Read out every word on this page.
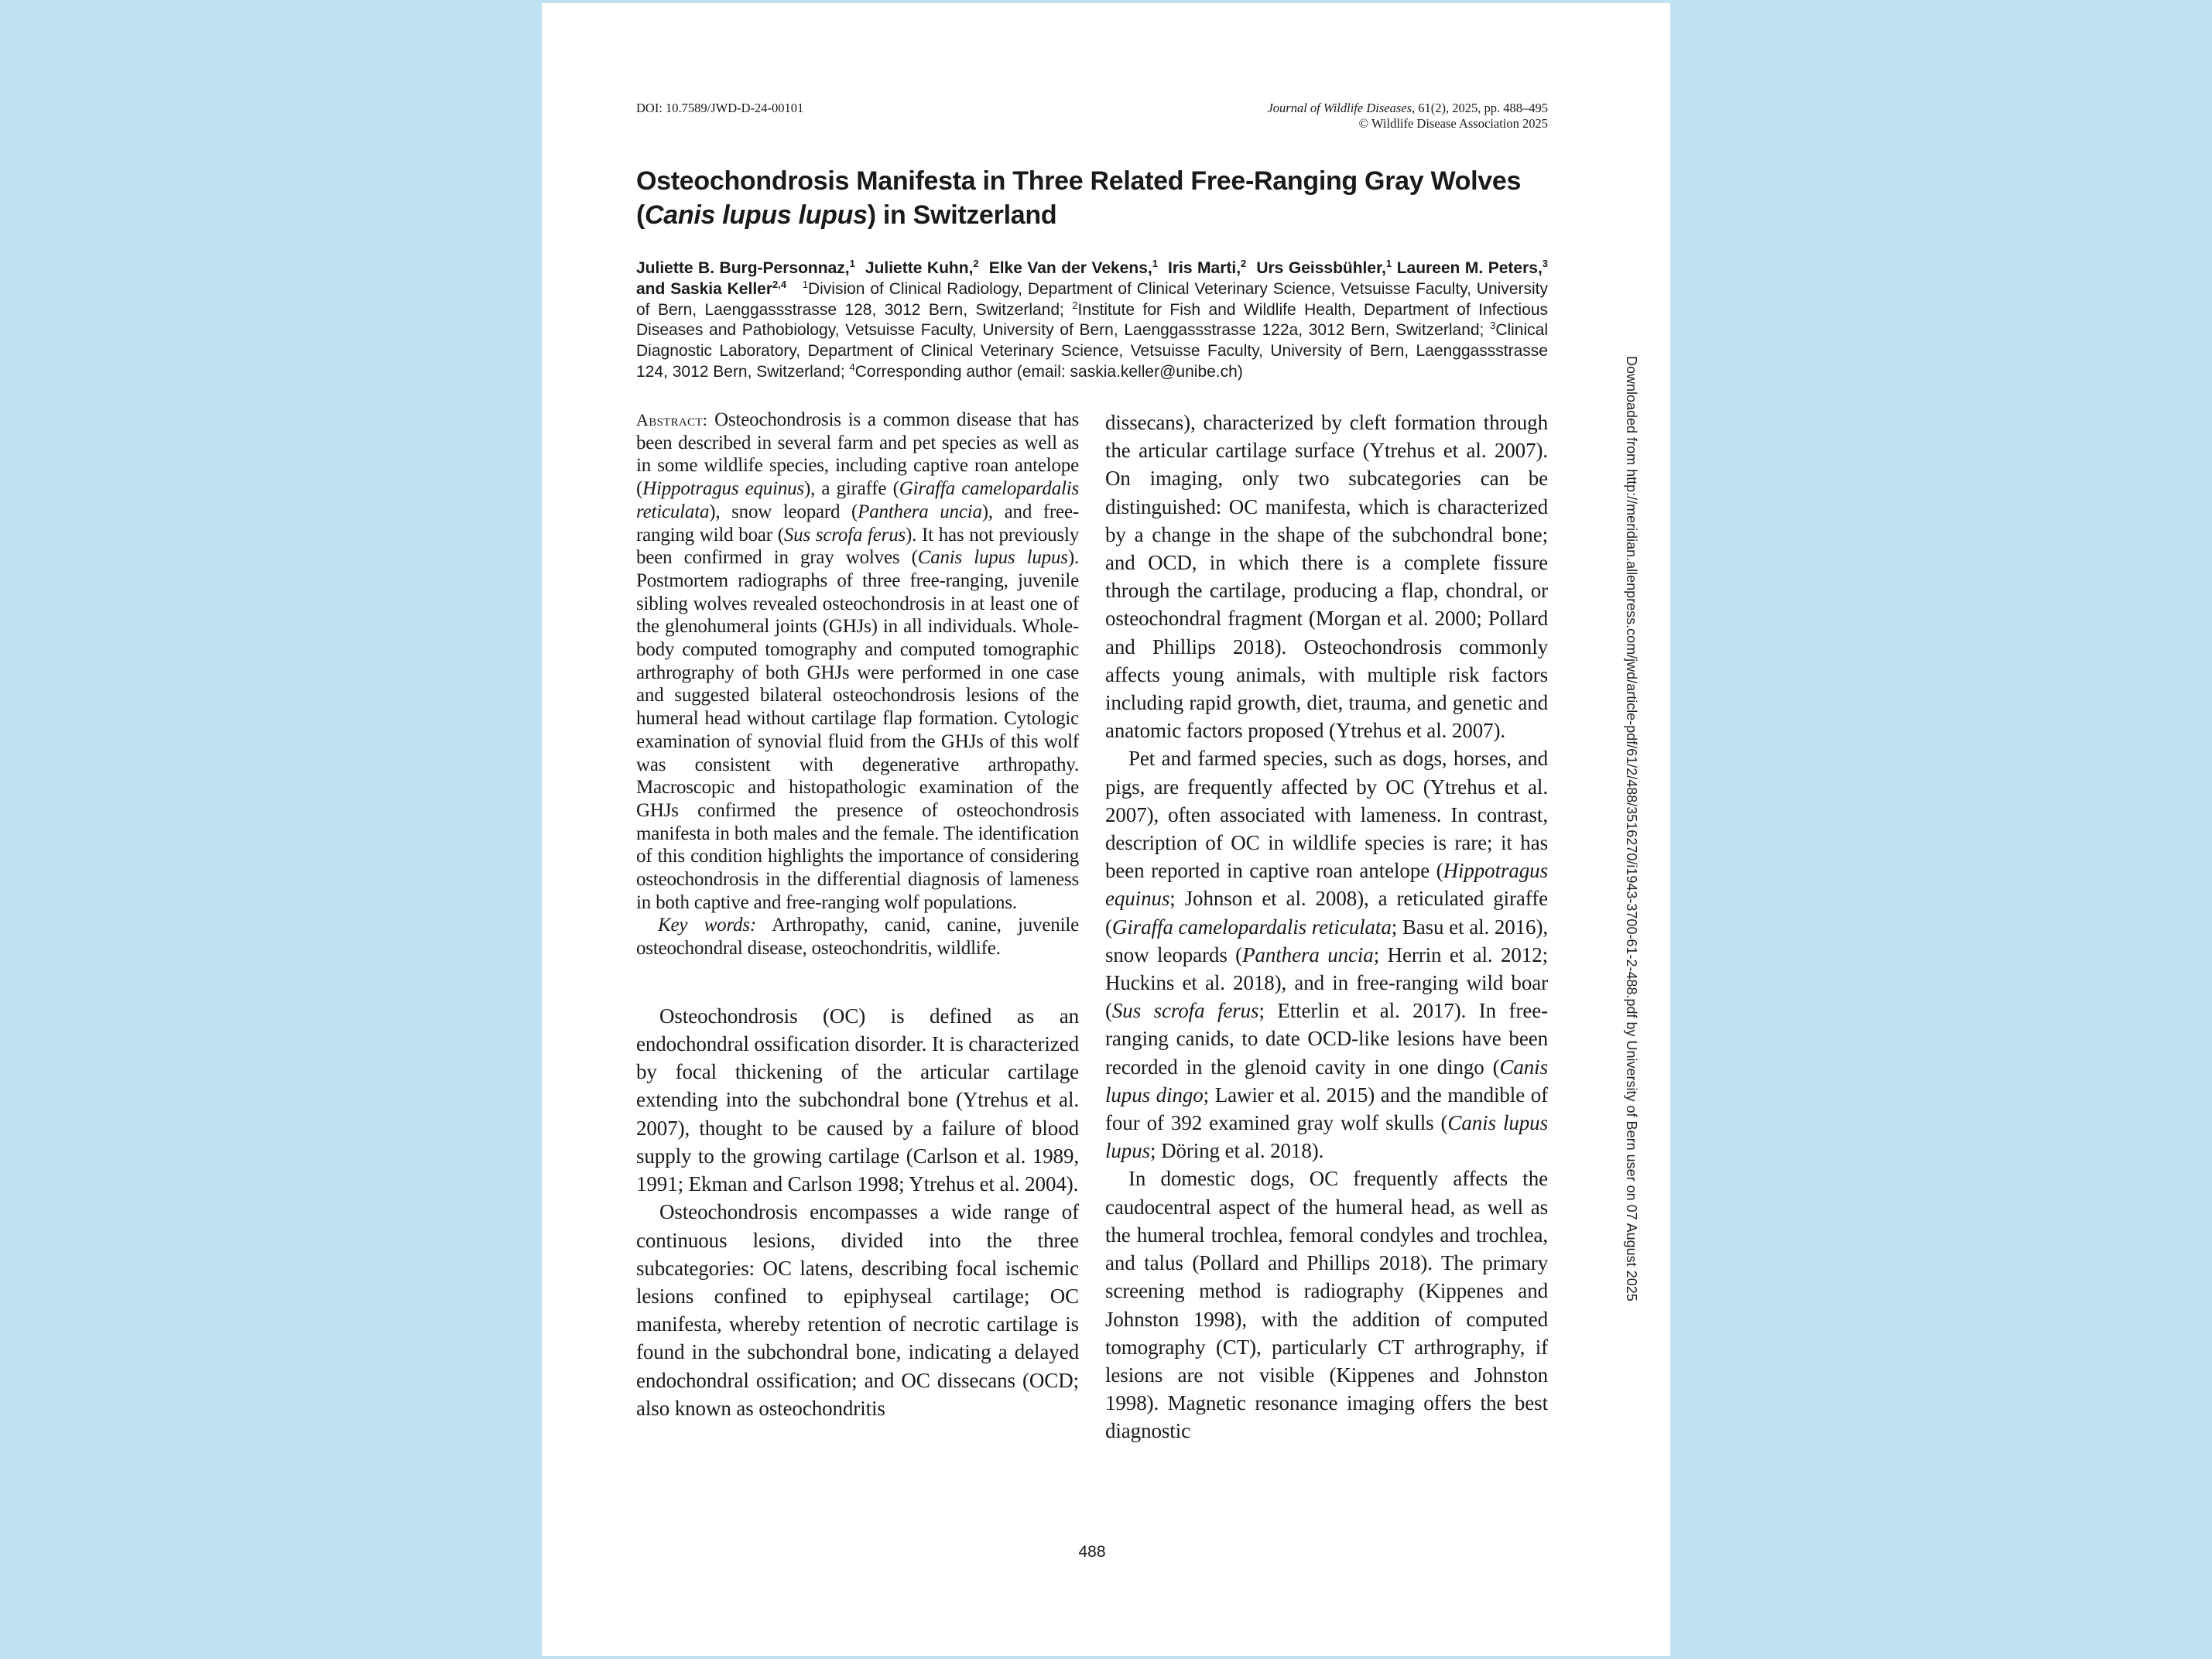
DOI: 10.7589/JWD-D-24-00101	Journal of Wildlife Diseases, 61(2), 2025, pp. 488–495
© Wildlife Disease Association 2025
Osteochondrosis Manifesta in Three Related Free-Ranging Gray Wolves (Canis lupus lupus) in Switzerland
Juliette B. Burg-Personnaz,$^1$ Juliette Kuhn,$^2$ Elke Van der Vekens,$^1$ Iris Marti,$^2$ Urs Geissbühler,$^1$ Laureen M. Peters,$^3$ and Saskia Keller$^{2,4}$ $^1$Division of Clinical Radiology, Department of Clinical Veterinary Science, Vetsuisse Faculty, University of Bern, Laenggassstrasse 128, 3012 Bern, Switzerland; $^2$Institute for Fish and Wildlife Health, Department of Infectious Diseases and Pathobiology, Vetsuisse Faculty, University of Bern, Laenggassstrasse 122a, 3012 Bern, Switzerland; $^3$Clinical Diagnostic Laboratory, Department of Clinical Veterinary Science, Vetsuisse Faculty, University of Bern, Laenggassstrasse 124, 3012 Bern, Switzerland; $^4$Corresponding author (email: saskia.keller@unibe.ch)

Abstract: Osteochondrosis is a common disease that has been described in several farm and pet species as well as in some wildlife species, including captive roan antelope (Hippotragus equinus), a giraffe (Giraffa camelopardalis reticulata), snow leopard (Panthera uncia), and free-ranging wild boar (Sus scrofa ferus). It has not previously been confirmed in gray wolves (Canis lupus lupus). Postmortem radiographs of three free-ranging, juvenile sibling wolves revealed osteochondrosis in at least one of the glenohumeral joints (GHJs) in all individuals. Whole-body computed tomography and computed tomographic arthrography of both GHJs were performed in one case and suggested bilateral osteochondrosis lesions of the humeral head without cartilage flap formation. Cytologic examination of synovial fluid from the GHJs of this wolf was consistent with degenerative arthropathy. Macroscopic and histopathologic examination of the GHJs confirmed the presence of osteochondrosis manifesta in both males and the female. The identification of this condition highlights the importance of considering osteochondrosis in the differential diagnosis of lameness in both captive and free-ranging wolf populations.

Key words: Arthropathy, canid, canine, juvenile osteochondral disease, osteochondritis, wildlife.

Osteochondrosis (OC) is defined as an endochondral ossification disorder. It is characterized by focal thickening of the articular cartilage extending into the subchondral bone (Ytrehus et al. 2007), thought to be caused by a failure of blood supply to the growing cartilage (Carlson et al. 1989, 1991; Ekman and Carlson 1998; Ytrehus et al. 2004).

Osteochondrosis encompasses a wide range of continuous lesions, divided into the three subcategories: OC latens, describing focal ischemic lesions confined to epiphyseal cartilage; OC manifesta, whereby retention of necrotic cartilage is found in the subchondral bone, indicating a delayed endochondral ossification; and OC dissecans (OCD; also known as osteochondritis

dissecans), characterized by cleft formation through the articular cartilage surface (Ytrehus et al. 2007). On imaging, only two subcategories can be distinguished: OC manifesta, which is characterized by a change in the shape of the subchondral bone; and OCD, in which there is a complete fissure through the cartilage, producing a flap, chondral, or osteochondral fragment (Morgan et al. 2000; Pollard and Phillips 2018). Osteochondrosis commonly affects young animals, with multiple risk factors including rapid growth, diet, trauma, and genetic and anatomic factors proposed (Ytrehus et al. 2007).

Pet and farmed species, such as dogs, horses, and pigs, are frequently affected by OC (Ytrehus et al. 2007), often associated with lameness. In contrast, description of OC in wildlife species is rare; it has been reported in captive roan antelope (Hippotragus equinus; Johnson et al. 2008), a reticulated giraffe (Giraffa camelopardalis reticulata; Basu et al. 2016), snow leopards (Panthera uncia; Herrin et al. 2012; Huckins et al. 2018), and in free-ranging wild boar (Sus scrofa ferus; Etterlin et al. 2017). In free-ranging canids, to date OCD-like lesions have been recorded in the glenoid cavity in one dingo (Canis lupus dingo; Lawier et al. 2015) and the mandible of four of 392 examined gray wolf skulls (Canis lupus lupus; Döring et al. 2018).

In domestic dogs, OC frequently affects the caudocentral aspect of the humeral head, as well as the humeral trochlea, femoral condyles and trochlea, and talus (Pollard and Phillips 2018). The primary screening method is radiography (Kippenes and Johnston 1998), with the addition of computed tomography (CT), particularly CT arthrography, if lesions are not visible (Kippenes and Johnston 1998). Magnetic resonance imaging offers the best diagnostic

488
Downloaded from http://meridian.allenpress.com/jwd/article-pdf/61/2/488/3516270/i1943-3700-61-2-488.pdf by University of Bern user on 07 August 2025
